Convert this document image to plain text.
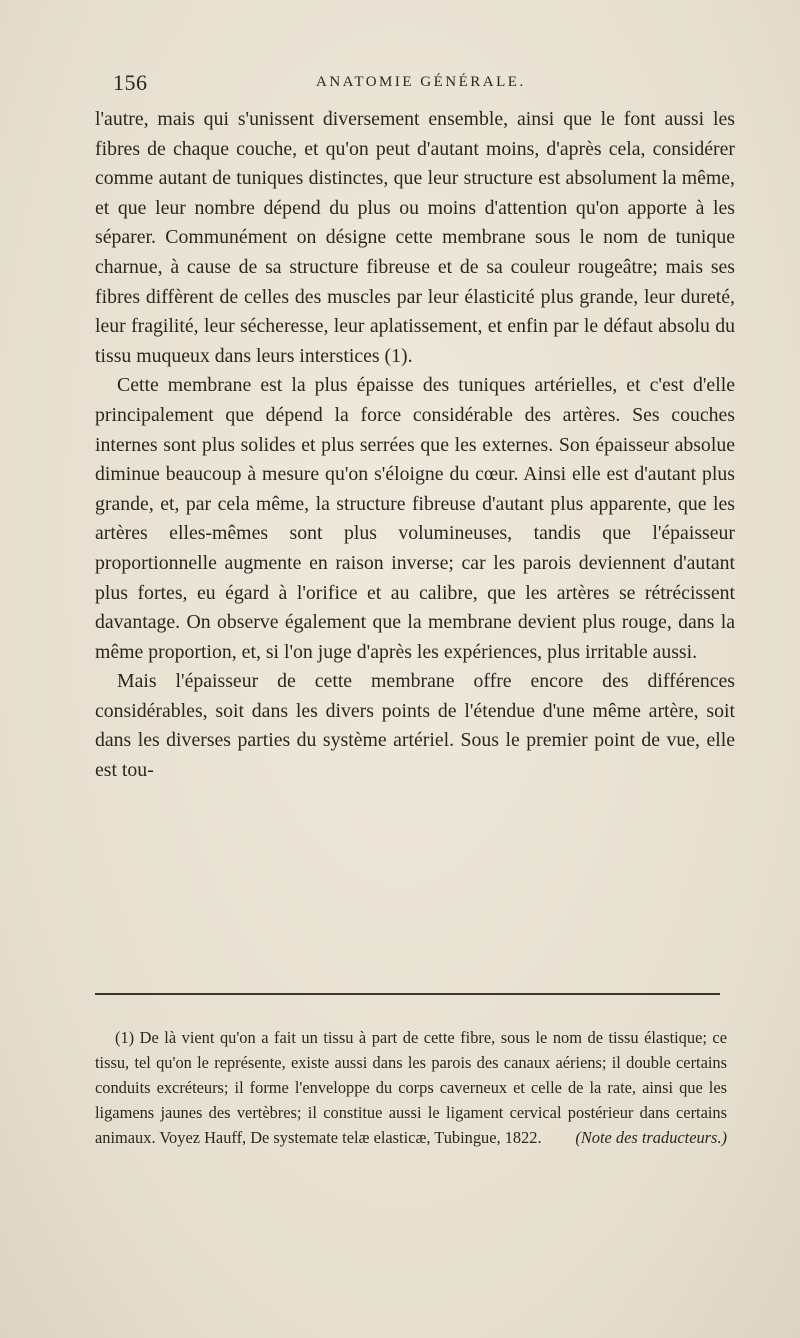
156	ANATOMIE GÉNÉRALE.

l'autre, mais qui s'unissent diversement ensemble, ainsi que le font aussi les fibres de chaque couche, et qu'on peut d'autant moins, d'après cela, considérer comme autant de tuniques distinctes, que leur structure est absolument la même, et que leur nombre dépend du plus ou moins d'attention qu'on apporte à les séparer. Communément on désigne cette membrane sous le nom de tunique charnue, à cause de sa structure fibreuse et de sa couleur rougeâtre; mais ses fibres diffèrent de celles des muscles par leur élasticité plus grande, leur dureté, leur fragilité, leur sécheresse, leur aplatissement, et enfin par le défaut absolu du tissu muqueux dans leurs interstices (1).

Cette membrane est la plus épaisse des tuniques artérielles, et c'est d'elle principalement que dépend la force considérable des artères. Ses couches internes sont plus solides et plus serrées que les externes. Son épaisseur absolue diminue beaucoup à mesure qu'on s'éloigne du cœur. Ainsi elle est d'autant plus grande, et, par cela même, la structure fibreuse d'autant plus apparente, que les artères elles-mêmes sont plus volumineuses, tandis que l'épaisseur proportionnelle augmente en raison inverse; car les parois deviennent d'autant plus fortes, eu égard à l'orifice et au calibre, que les artères se rétrécissent davantage. On observe également que la membrane devient plus rouge, dans la même proportion, et, si l'on juge d'après les expériences, plus irritable aussi.

Mais l'épaisseur de cette membrane offre encore des différences considérables, soit dans les divers points de l'étendue d'une même artère, soit dans les diverses parties du système artériel. Sous le premier point de vue, elle est tou-

(1) De là vient qu'on a fait un tissu à part de cette fibre, sous le nom de tissu élastique; ce tissu, tel qu'on le représente, existe aussi dans les parois des canaux aériens; il double certains conduits excréteurs; il forme l'enveloppe du corps caverneux et celle de la rate, ainsi que les ligamens jaunes des vertèbres; il constitue aussi le ligament cervical postérieur dans certains animaux. Voyez Hauff, De systemate telæ elasticæ, Tubingue, 1822.	(Note des traducteurs.)
